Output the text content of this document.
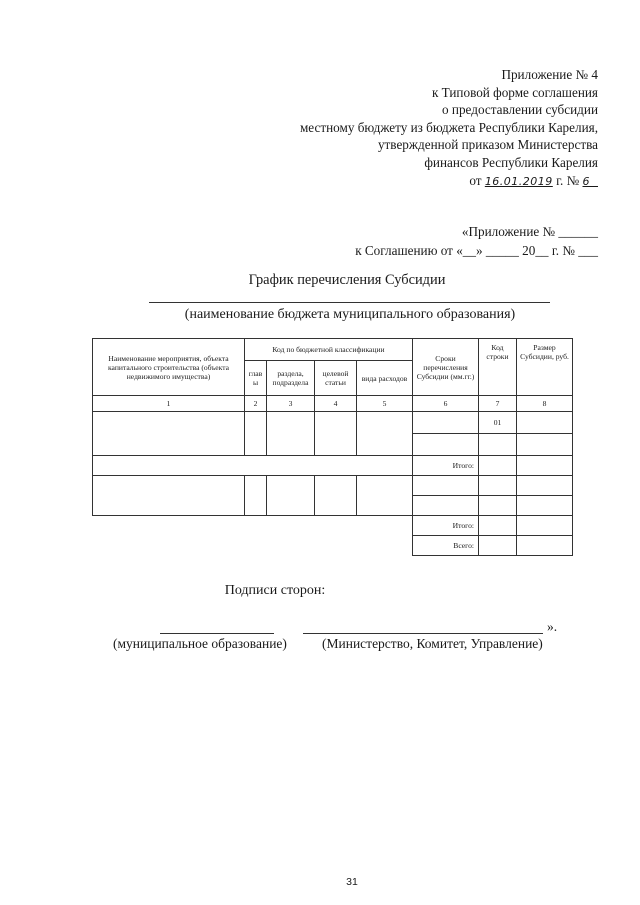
Приложение № 4
к Типовой форме соглашения
о предоставлении субсидии
местному бюджету из бюджета Республики Карелия,
утвержденной приказом Министерства
финансов Республики Карелия
от 16.01.2019 г. № 6
«Приложение № ______
к Соглашению от «__» _____ 20__ г. № ___
График перечисления Субсидии
(наименование бюджета муниципального образования)
Наименование мероприятия, объекта капитального строительства (объекта недвижимого имущества)	Код по бюджетной классификации				Сроки перечисления Субсидии (мм.гг.)	Код строки	Размер Субсидии, руб.
	глав ы	раздела, подраздела	целевой статьи	вида расходов			
1	2	3	4	5	6	7	8
						01	

					Итого:		

					Итого:		
					Всего:		
Подписи сторон:
».
(муниципальное образование)	(Министерство, Комитет, Управление)
31
